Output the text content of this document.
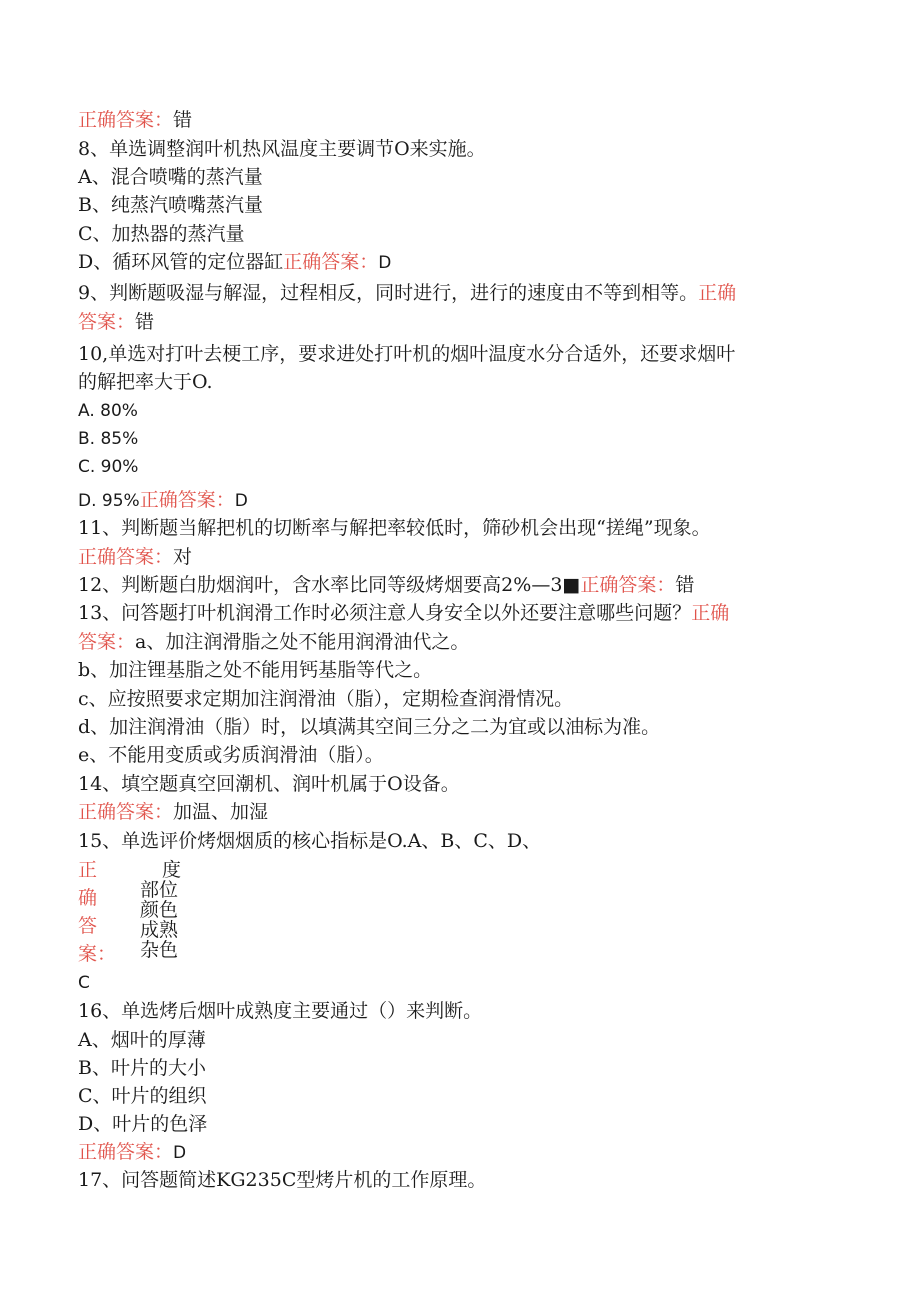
正确答案：错
8、单选调整润叶机热风温度主要调节O来实施。
A、混合喷嘴的蒸汽量
B、纯蒸汽喷嘴蒸汽量
C、加热器的蒸汽量
D、循环风管的定位器缸正确答案：D
9、判断题吸湿与解湿，过程相反，同时进行，进行的速度由不等到相等。正确
答案：错
10,单选对打叶去梗工序，要求进处打叶机的烟叶温度水分合适外，还要求烟叶
的解把率大于O.
A. 80%
B. 85%
C. 90%
D. 95%正确答案：D
11、判断题当解把机的切断率与解把率较低时，筛砂机会出现“搓绳”现象。
正确答案：对
12、判断题白肋烟润叶，含水率比同等级烤烟要高2%—3■正确答案：错
13、问答题打叶机润滑工作时必须注意人身安全以外还要注意哪些问题？正确
答案：a、加注润滑脂之处不能用润滑油代之。
b、加注锂基脂之处不能用钙基脂等代之。
c、应按照要求定期加注润滑油（脂），定期检查润滑情况。
d、加注润滑油（脂）时，以填满其空间三分之二为宜或以油标为准。
e、不能用变质或劣质润滑油（脂）。
14、填空题真空回潮机、润叶机属于O设备。
正确答案：加温、加湿
15、单选评价烤烟烟质的核心指标是O.A、B、C、D、
正
确
答
案：
度
部位
颜色
成熟
杂色
C
16、单选烤后烟叶成熟度主要通过（）来判断。
A、烟叶的厚薄
B、叶片的大小
C、叶片的组织
D、叶片的色泽
正确答案：D
17、问答题简述KG235C型烤片机的工作原理。
